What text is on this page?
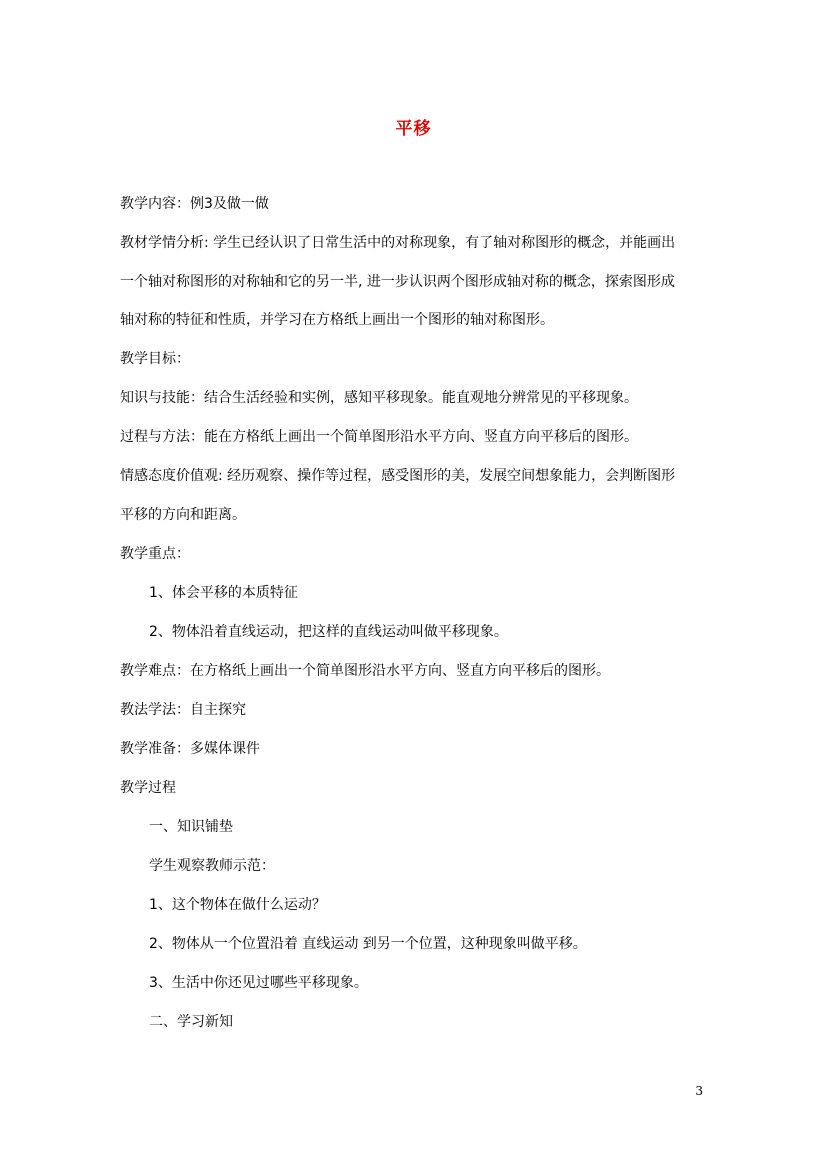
平移
教学内容：例3及做一做
教材学情分析: 学生已经认识了日常生活中的对称现象，有了轴对称图形的概念，并能画出
一个轴对称图形的对称轴和它的另一半, 进一步认识两个图形成轴对称的概念，探索图形成
轴对称的特征和性质，并学习在方格纸上画出一个图形的轴对称图形。
教学目标：
知识与技能：结合生活经验和实例，感知平移现象。能直观地分辨常见的平移现象。
过程与方法：能在方格纸上画出一个简单图形沿水平方向、竖直方向平移后的图形。
情感态度价值观: 经历观察、操作等过程，感受图形的美，发展空间想象能力，会判断图形
平移的方向和距离。
教学重点：
1、体会平移的本质特征
2、物体沿着直线运动，把这样的直线运动叫做平移现象。
教学难点：在方格纸上画出一个简单图形沿水平方向、竖直方向平移后的图形。
教法学法：自主探究
教学准备：多媒体课件
教学过程
一、知识铺垫
学生观察教师示范：
1、这个物体在做什么运动？
2、物体从一个位置沿着 直线运动 到另一个位置，这种现象叫做平移。
3、生活中你还见过哪些平移现象。
二、学习新知
3
